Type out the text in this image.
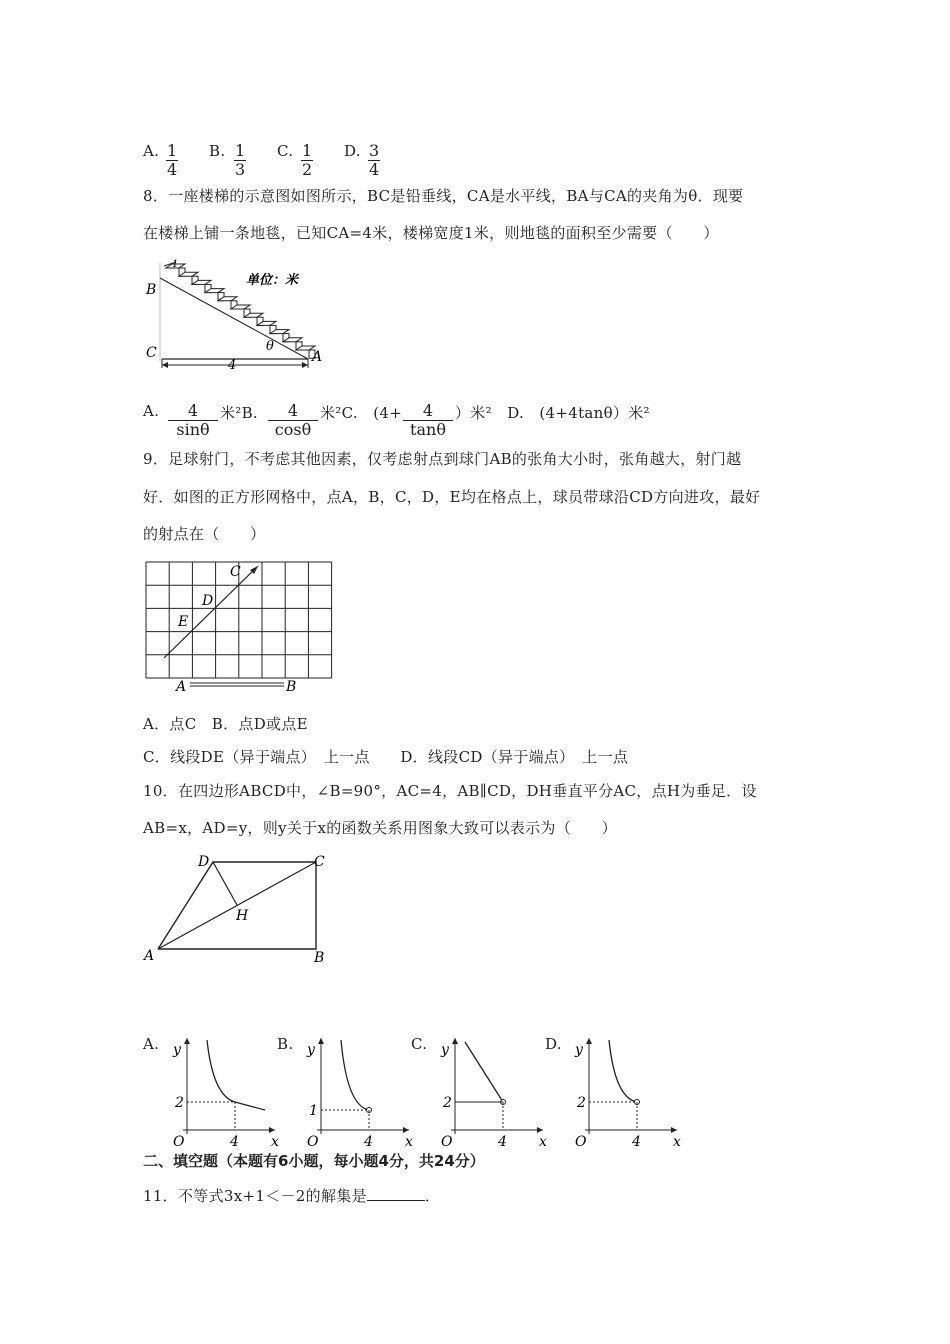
A. $\frac{1}{4} B$. $\frac{1}{3} C$. $\frac{1}{2} D$. $\frac{3}{4}$
8．一座楼梯的示意图如图所示，BC是铅垂线，CA是水平线，BA与CA的夹角为θ．现要
在楼梯上铺一条地毯，已知CA=4米，楼梯宽度1米，则地毯的面积至少需要（　　）
1
单位：米
B
C	A
θ
4
A. $\frac{4}{\sin\theta}$ 米²B. $\frac{4}{\cos\theta}$ 米²C.　($4+ \frac{4}{\tan\theta}$ ）米²　D.　(4+4tanθ）米²
9．足球射门，不考虑其他因素，仅考虑射点到球门AB的张角大小时，张角越大，射门越
好．如图的正方形网格中，点A，B，C，D，E均在格点上，球员带球沿CD方向进攻，最好
的射点在（　　）
C
D
E
A	B
A．点C　B．点D或点E
C．线段DE（异于端点）　上一点　　D．线段CD（异于端点）　上一点
10．在四边形ABCD中，∠B=90°，AC=4，AB∥CD，DH垂直平分AC，点H为垂足．设
AB=x，AD=y，则y关于x的函数关系用图象大致可以表示为（　　）
D	C
H
A	B
A. y
x
O	4
2
B. y
x
O	4
1
C. y
x
O	4
2
D. y
x
O	4
2
二、填空题（本题有6小题，每小题4分，共24分）
11．不等式3x+1＜－2的解集是	．
